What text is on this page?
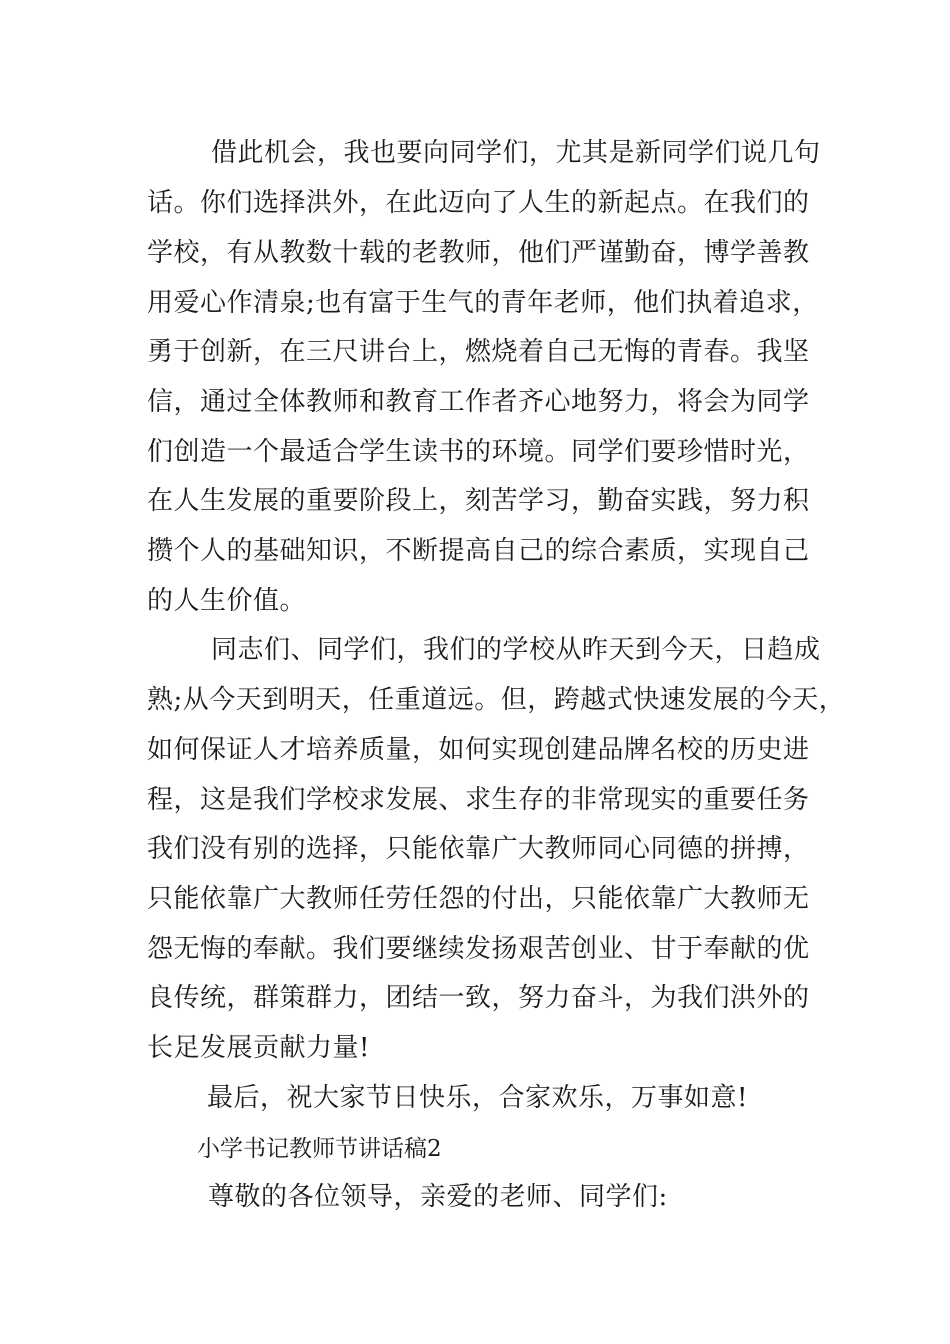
借此机会，我也要向同学们，尤其是新同学们说几句

话。你们选择洪外，在此迈向了人生的新起点。在我们的

学校，有从教数十载的老教师，他们严谨勤奋，博学善教

用爱心作清泉;也有富于生气的青年老师，他们执着追求，

勇于创新，在三尺讲台上，燃烧着自己无悔的青春。我坚

信，通过全体教师和教育工作者齐心地努力，将会为同学

们创造一个最适合学生读书的环境。同学们要珍惜时光，

在人生发展的重要阶段上，刻苦学习，勤奋实践，努力积

攒个人的基础知识，不断提高自己的综合素质，实现自己

的人生价值。

同志们、同学们，我们的学校从昨天到今天，日趋成

熟;从今天到明天，任重道远。但，跨越式快速发展的今天，

如何保证人才培养质量，如何实现创建品牌名校的历史进

程，这是我们学校求发展、求生存的非常现实的重要任务

我们没有别的选择，只能依靠广大教师同心同德的拼搏，

只能依靠广大教师任劳任怨的付出，只能依靠广大教师无

怨无悔的奉献。我们要继续发扬艰苦创业、甘于奉献的优

良传统，群策群力，团结一致，努力奋斗，为我们洪外的

长足发展贡献力量!

最后，祝大家节日快乐，合家欢乐，万事如意!

小学书记教师节讲话稿2

尊敬的各位领导，亲爱的老师、同学们:
